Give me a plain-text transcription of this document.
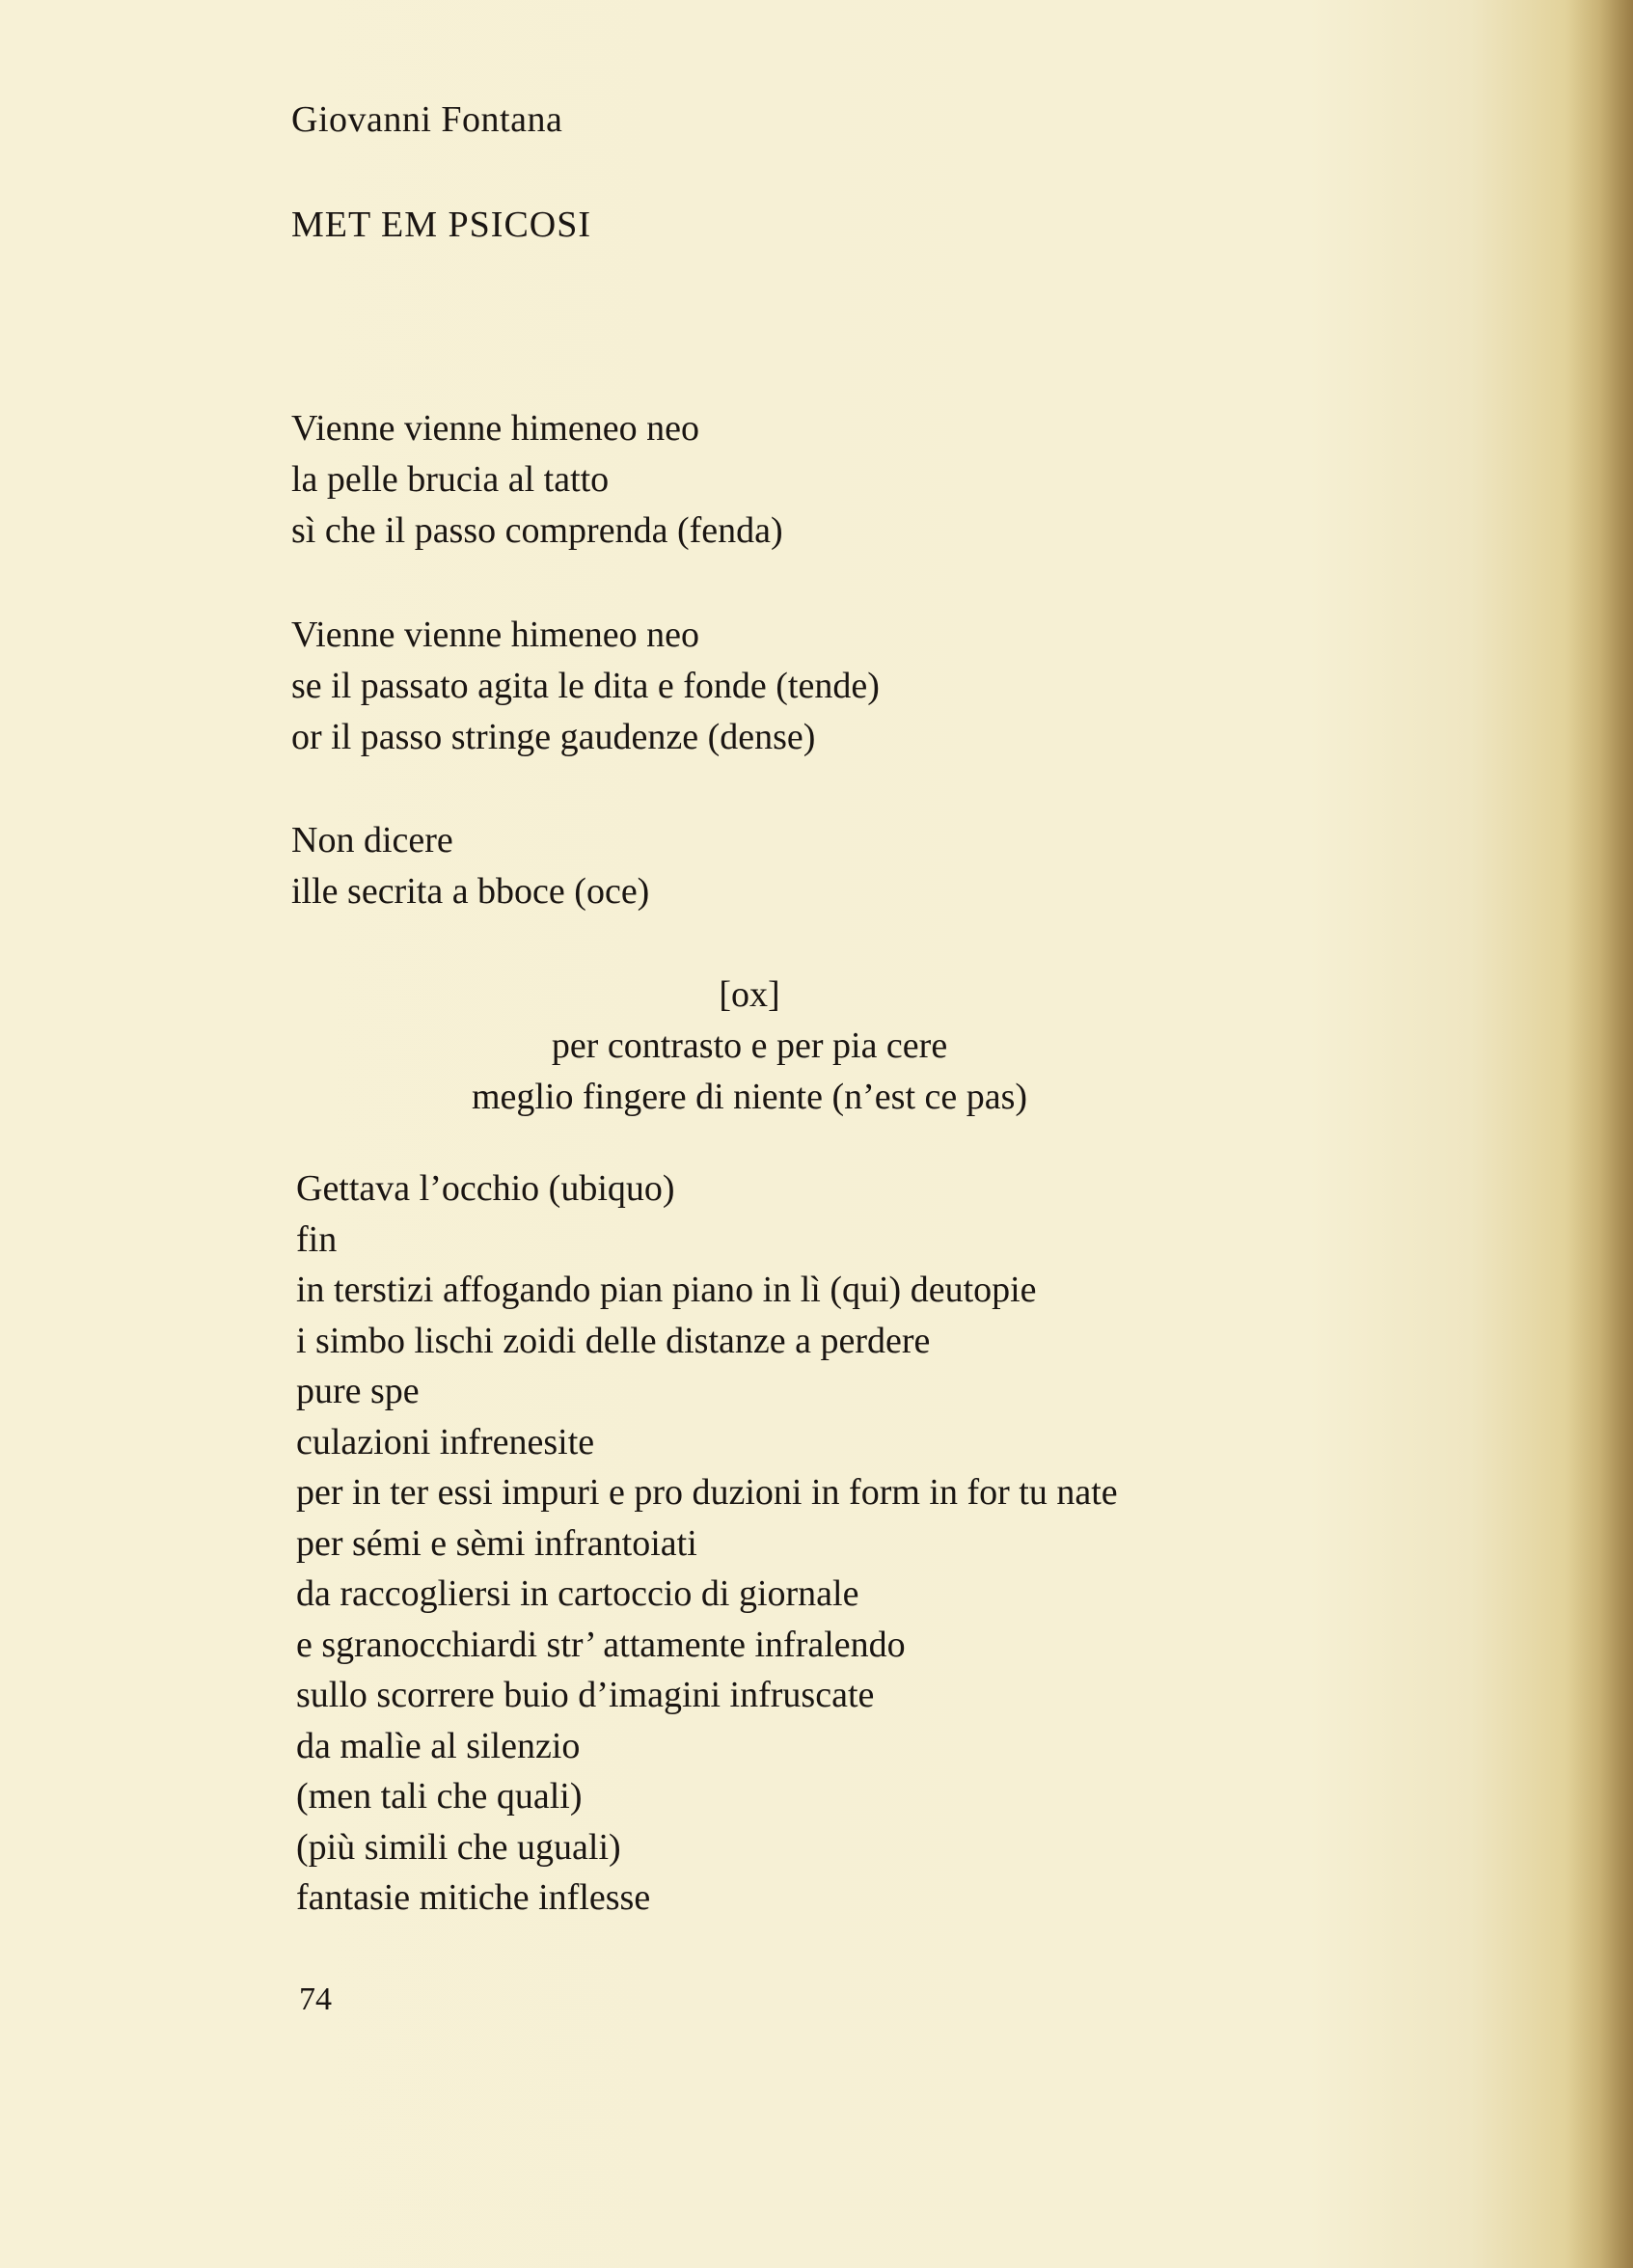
Giovanni Fontana
MET EM PSICOSI
Vienne vienne himeneo neo
la pelle brucia al tatto
sì che il passo comprenda (fenda)
Vienne vienne himeneo neo
se il passato agita le dita e fonde (tende)
or il passo stringe gaudenze (dense)
Non dicere
ille secrita a bboce (oce)
[ox]
per contrasto e per pia cere
meglio fingere di niente (n’est ce pas)
Gettava l’occhio (ubiquo)
fin
in terstizi affogando pian piano in lì (qui) deutopie
i simbo lischi zoidi delle distanze a perdere
pure spe
culazioni infrenesite
per in ter essi impuri e pro duzioni in form in for tu nate
per sémi e sèmi infrantoiati
da raccogliersi in cartoccio di giornale
e sgranocchiardi str’ attamente infralendo
sullo scorrere buio d’imagini infruscate
da malìe al silenzio
(men tali che quali)
(più simili che uguali)
fantasie mitiche inflesse
74
